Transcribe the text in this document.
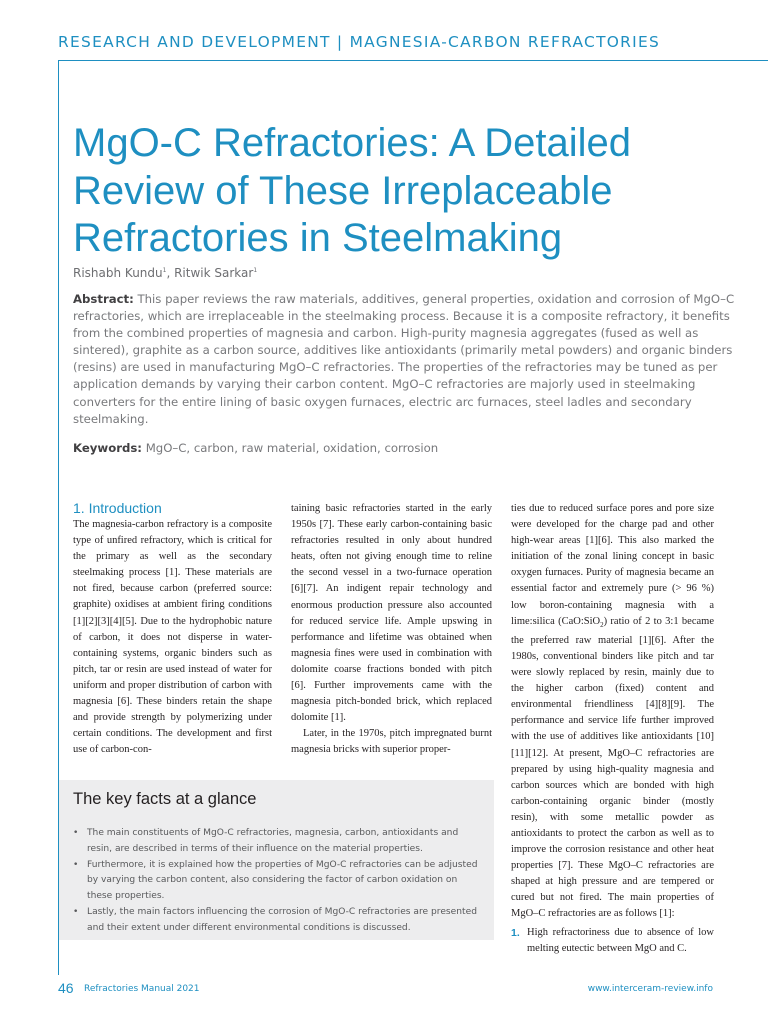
RESEARCH AND DEVELOPMENT | MAGNESIA-CARBON REFRACTORIES
MgO-C Refractories: A Detailed Review of These Irreplaceable Refractories in Steelmaking
Rishabh Kundu$^1$, Ritwik Sarkar$^1$
Abstract: This paper reviews the raw materials, additives, general properties, oxidation and corrosion of MgO–C refractories, which are irreplaceable in the steelmaking process. Because it is a composite refractory, it benefits from the combined properties of magnesia and carbon. High-purity magnesia aggregates (fused as well as sintered), graphite as a carbon source, additives like antioxidants (primarily metal powders) and organic binders (resins) are used in manufacturing MgO–C refractories. The properties of the refractories may be tuned as per application demands by varying their carbon content. MgO–C refractories are majorly used in steelmaking converters for the entire lining of basic oxygen furnaces, electric arc furnaces, steel ladles and secondary steelmaking.
Keywords: MgO–C, carbon, raw material, oxidation, corrosion
1. Introduction

The magnesia-carbon refractory is a composite type of unfired refractory, which is critical for the primary as well as the secondary steelmaking process [1]. These materials are not fired, because carbon (preferred source: graphite) oxidises at ambient firing conditions [1][2][3][4][5]. Due to the hydrophobic nature of carbon, it does not disperse in water-containing systems, organic binders such as pitch, tar or resin are used instead of water for uniform and proper distribution of carbon with magnesia [6]. These binders retain the shape and provide strength by polymerizing under certain conditions. The development and first use of carbon-con-

taining basic refractories started in the early 1950s [7]. These early carbon-containing basic refractories resulted in only about hundred heats, often not giving enough time to reline the second vessel in a two-furnace operation [6][7]. An indigent repair technology and enormous production pressure also accounted for reduced service life. Ample upswing in performance and lifetime was obtained when magnesia fines were used in combination with dolomite coarse fractions bonded with pitch [6]. Further improvements came with the magnesia pitch-bonded brick, which replaced dolomite [1].

Later, in the 1970s, pitch impregnated burnt magnesia bricks with superior proper-

ties due to reduced surface pores and pore size were developed for the charge pad and other high-wear areas [1][6]. This also marked the initiation of the zonal lining concept in basic oxygen furnaces. Purity of magnesia became an essential factor and extremely pure (> 96 %) low boron-containing magnesia with a lime:silica (CaO:SiO$_2$) ratio of 2 to 3:1 became the preferred raw material [1][6]. After the 1980s, conventional binders like pitch and tar were slowly replaced by resin, mainly due to the higher carbon (fixed) content and environmental friendliness [4][8][9]. The performance and service life further improved with the use of additives like antioxidants [10][11][12]. At present, MgO–C refractories are prepared by using high-quality magnesia and carbon sources which are bonded with high carbon-containing organic binder (mostly resin), with some metallic powder as antioxidants to protect the carbon as well as to improve the corrosion resistance and other heat properties [7]. These MgO–C refractories are shaped at high pressure and are tempered or cured but not fired. The main properties of MgO–C refractories are as follows [1]:

1. High refractoriness due to absence of low melting eutectic between MgO and C.
The key facts at a glance
• The main constituents of MgO-C refractories, magnesia, carbon, antioxidants and resin, are described in terms of their influence on the material properties.
• Furthermore, it is explained how the properties of MgO-C refractories can be adjusted by varying the carbon content, also considering the factor of carbon oxidation on these properties.
• Lastly, the main factors influencing the corrosion of MgO-C refractories are presented and their extent under different environmental conditions is discussed.
46 Refractories Manual 2021	www.interceram-review.info
